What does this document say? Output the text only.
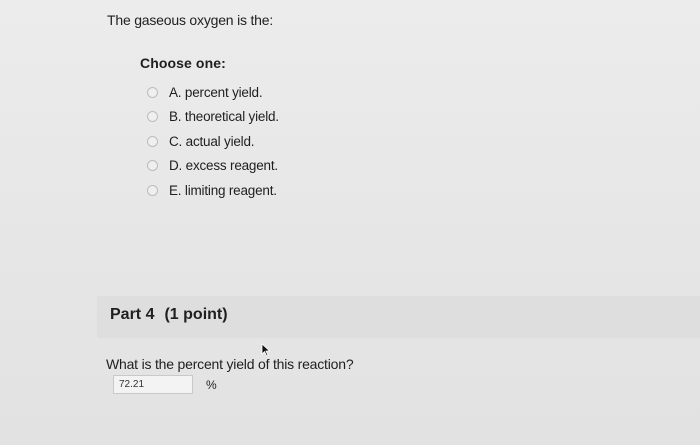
The gaseous oxygen is the:
Choose one:
A. percent yield.
B. theoretical yield.
C. actual yield.
D. excess reagent.
E. limiting reagent.
Part 4 (1 point)
What is the percent yield of this reaction?
72.21
%
